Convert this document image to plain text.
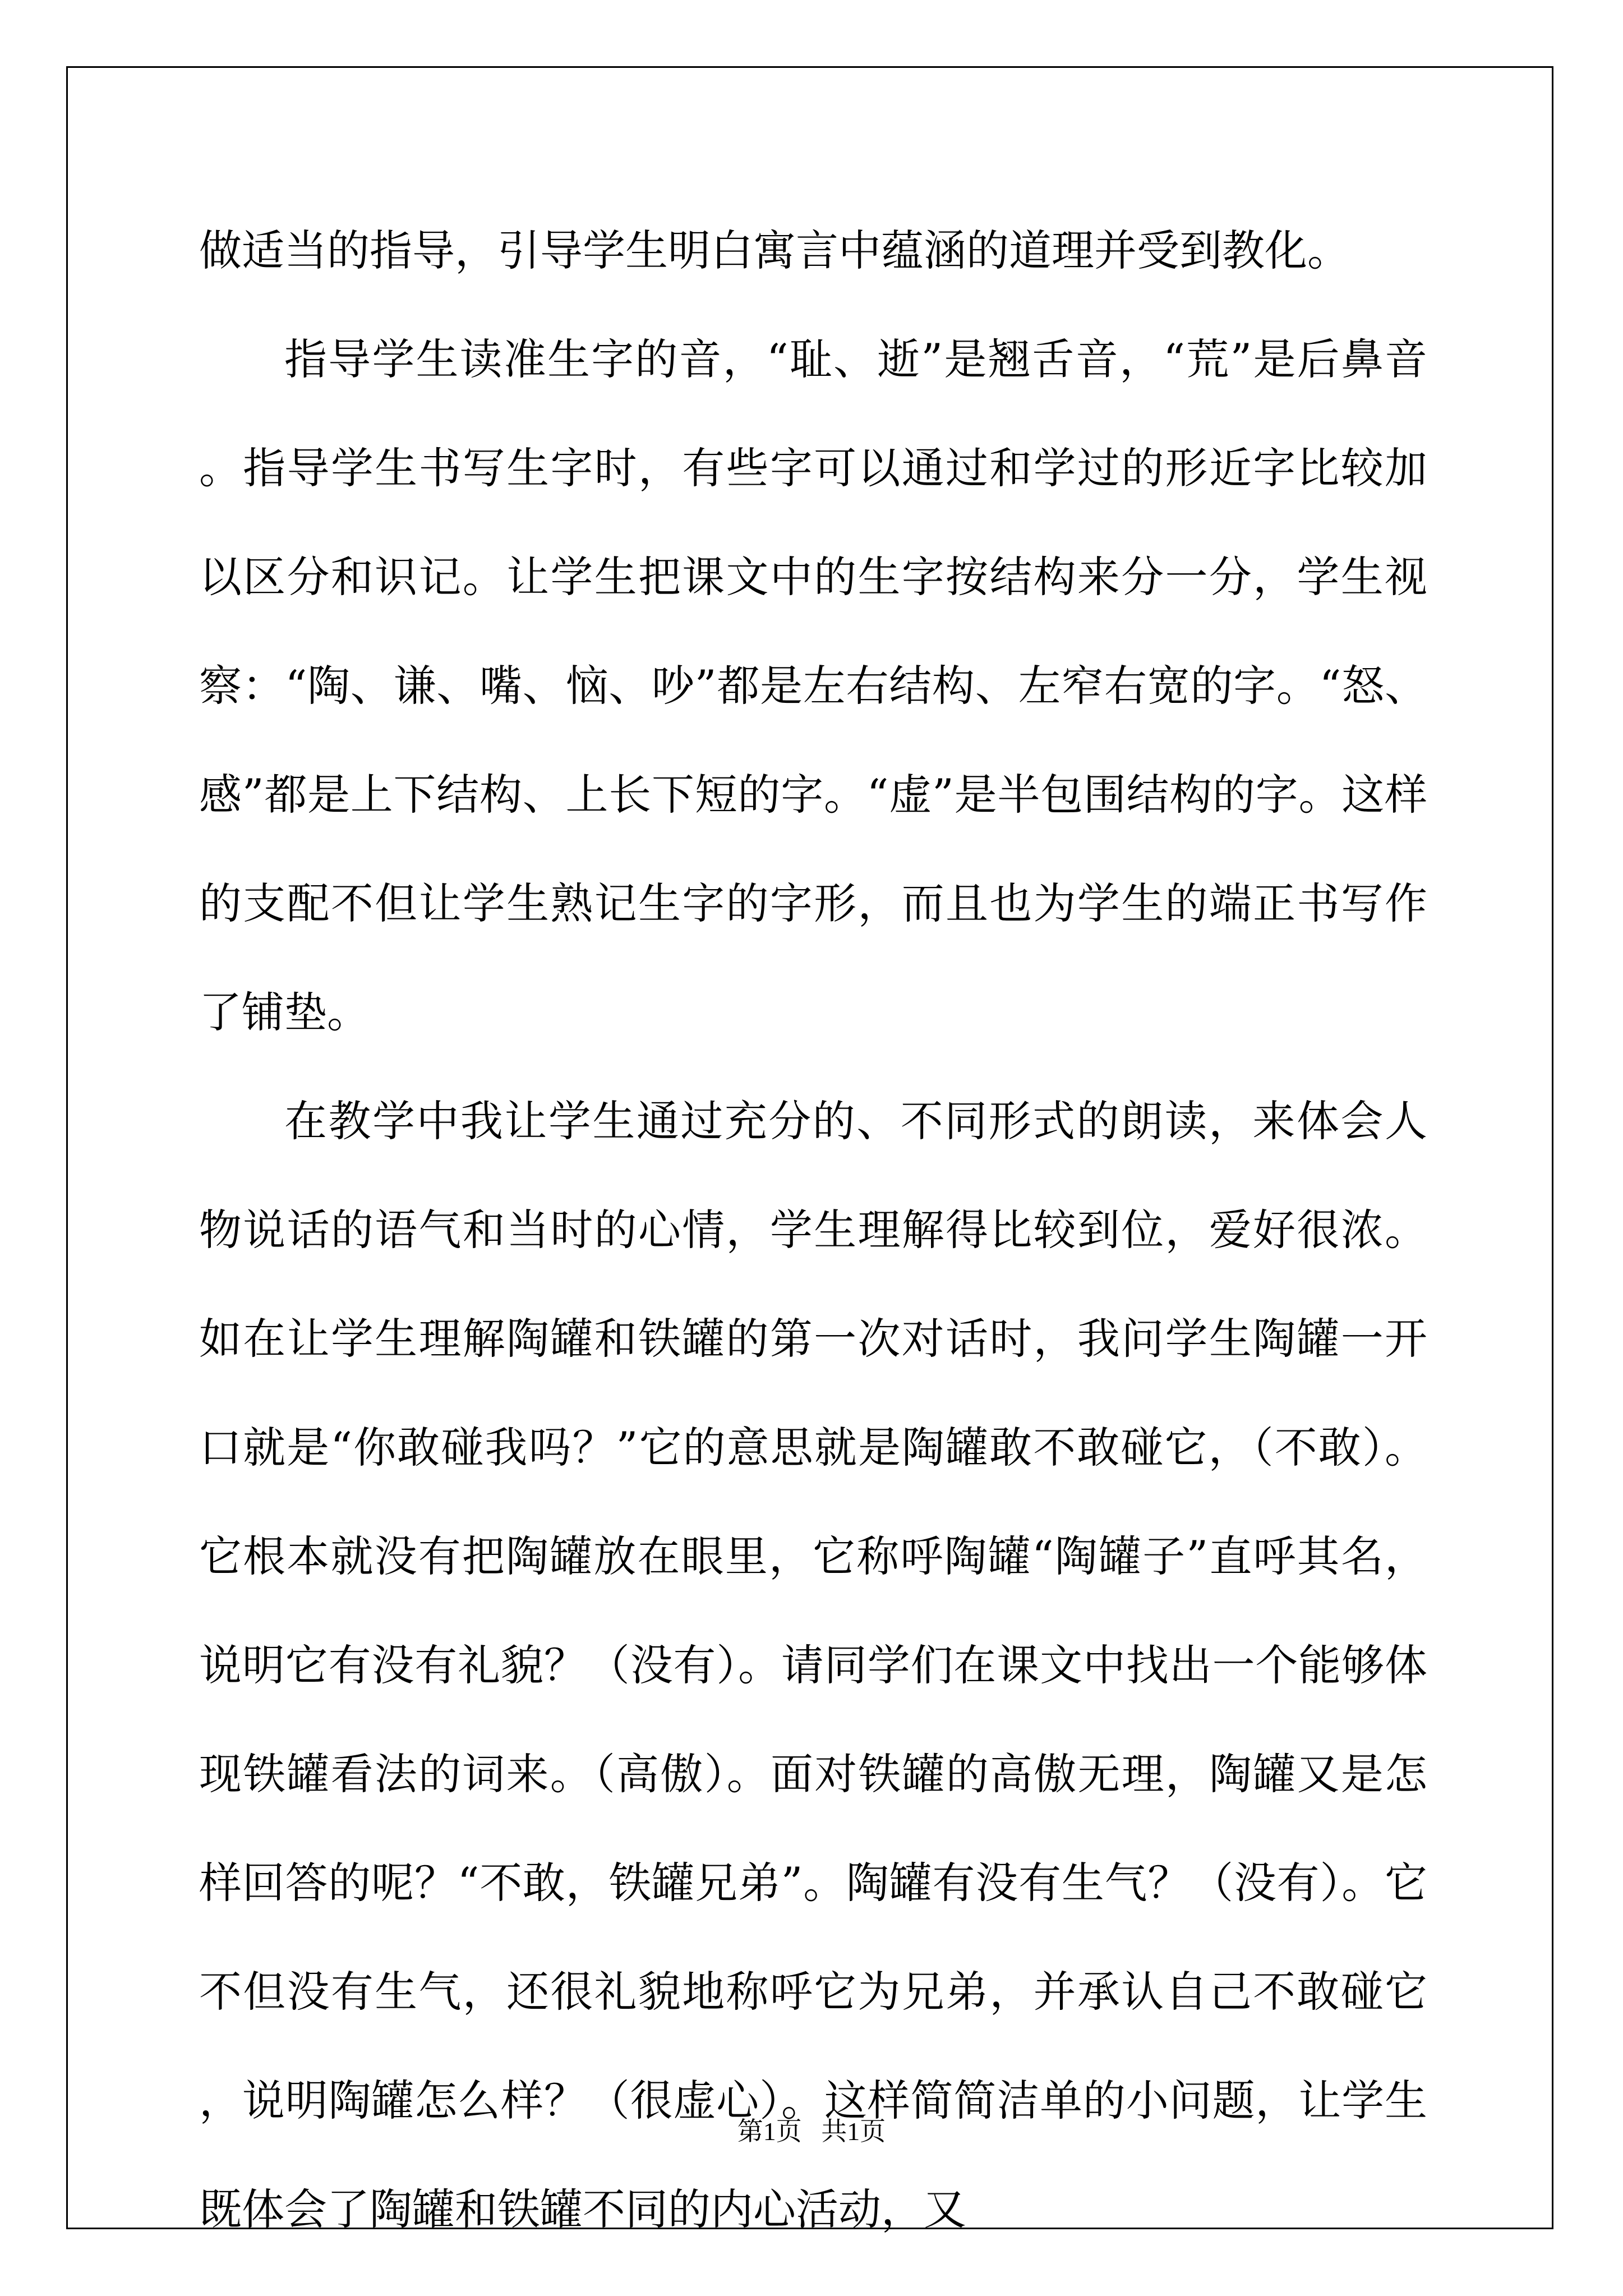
做适当的指导，引导学生明白寓言中蕴涵的道理并受到教化。

指导学生读准生字的音，“耻、逝”是翘舌音，“荒”是后鼻音。指导学生书写生字时，有些字可以通过和学过的形近字比较加以区分和识记。让学生把课文中的生字按结构来分一分，学生视察：“陶、谦、嘴、恼、吵”都是左右结构、左窄右宽的字。“怒、感”都是上下结构、上长下短的字。“虚”是半包围结构的字。这样的支配不但让学生熟记生字的字形，而且也为学生的端正书写作了铺垫。

在教学中我让学生通过充分的、不同形式的朗读，来体会人物说话的语气和当时的心情，学生理解得比较到位，爱好很浓。如在让学生理解陶罐和铁罐的第一次对话时，我问学生陶罐一开口就是“你敢碰我吗？”它的意思就是陶罐敢不敢碰它，（不敢）。它根本就没有把陶罐放在眼里，它称呼陶罐“陶罐子”直呼其名，说明它有没有礼貌？（没有）。请同学们在课文中找出一个能够体现铁罐看法的词来。（高傲）。面对铁罐的高傲无理，陶罐又是怎样回答的呢？“不敢，铁罐兄弟”。陶罐有没有生气？（没有）。它不但没有生气，还很礼貌地称呼它为兄弟，并承认自己不敢碰它，说明陶罐怎么样？（很虚心）。这样简简洁单的小问题，让学生既体会了陶罐和铁罐不同的内心活动，又

第1页   共1页
